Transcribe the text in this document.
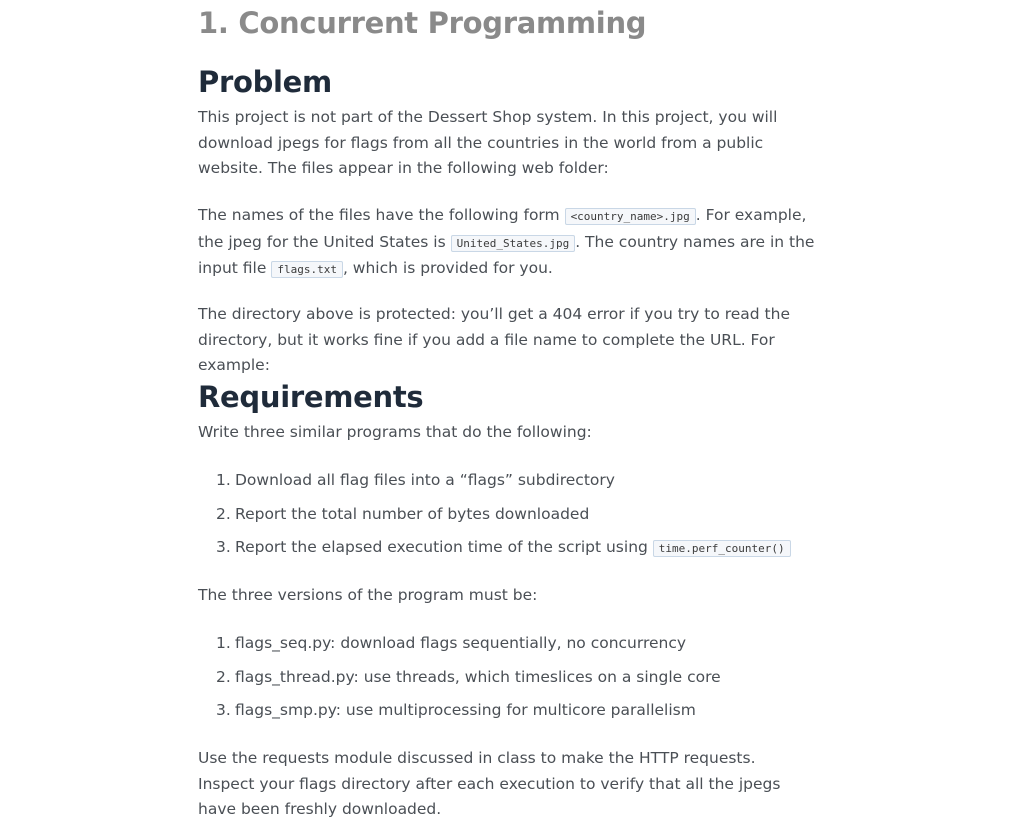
1. Concurrent Programming
Problem

This project is not part of the Dessert Shop system. In this project, you will download jpegs for flags from all the countries in the world from a public website. The files appear in the following web folder:

The names of the files have the following form <country_name>.jpg . For example, the jpeg for the United States is United_States.jpg . The country names are in the input file flags.txt , which is provided for you.

The directory above is protected: you’ll get a 404 error if you try to read the directory, but it works fine if you add a file name to complete the URL. For example:

Requirements

Write three similar programs that do the following:

1. Download all flag files into a “flags” subdirectory
2. Report the total number of bytes downloaded
3. Report the elapsed execution time of the script using time.perf_counter()

The three versions of the program must be:

1. flags_seq.py: download flags sequentially, no concurrency
2. flags_thread.py: use threads, which timeslices on a single core
3. flags_smp.py: use multiprocessing for multicore parallelism

Use the requests module discussed in class to make the HTTP requests.
Inspect your flags directory after each execution to verify that all the jpegs have been freshly downloaded.
